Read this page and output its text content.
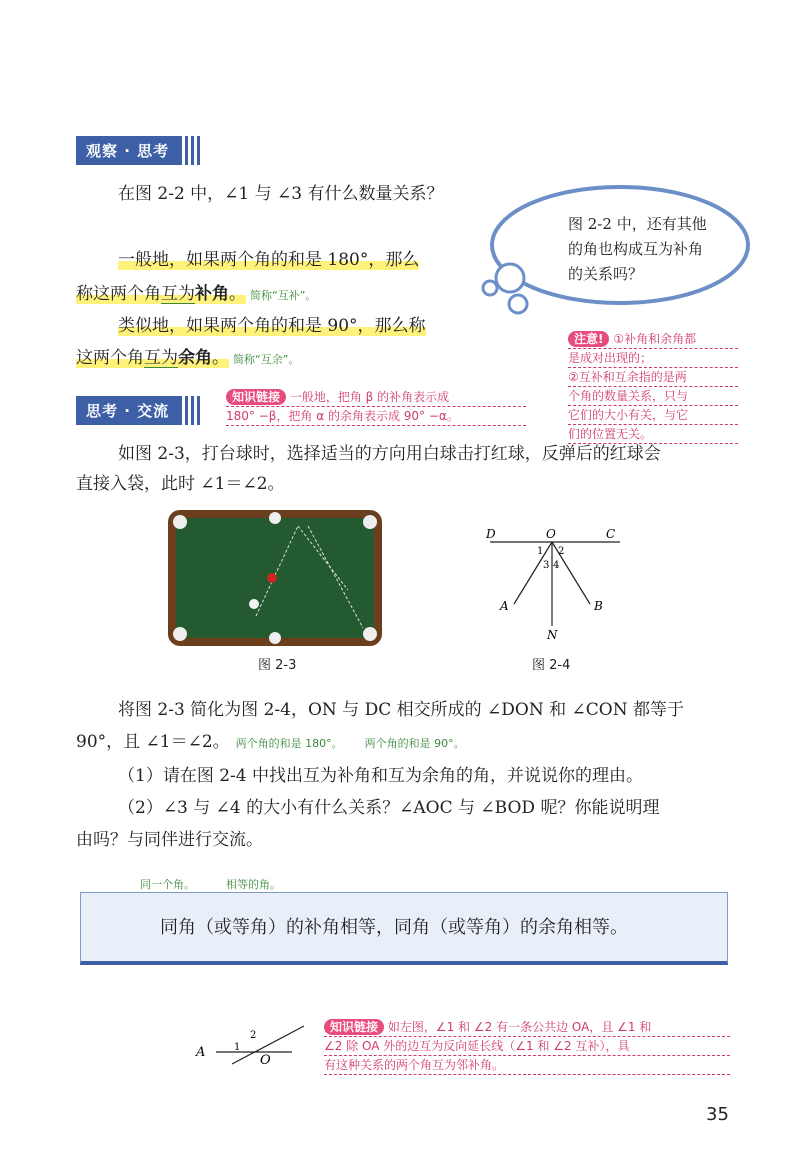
观察 · 思考
在图 2-2 中，∠1 与 ∠3 有什么数量关系？
图 2-2 中，还有其他
的角也构成互为补角
的关系吗？
一般地，如果两个角的和是 180°，那么
称这两个角互为补角。 简称“互补”。
类似地，如果两个角的和是 90°，那么称
这两个角互为余角。 简称“互余”。
注意! ①补角和余角都
是成对出现的；
②互补和互余指的是两
个角的数量关系，只与
它们的大小有关，与它
们的位置无关。
思考 · 交流
知识链接 一般地，把角 β 的补角表示成
180° −β，把角 α 的余角表示成 90° −α。
如图 2-3，打台球时，选择适当的方向用白球击打红球，反弹后的红球会
直接入袋，此时 ∠1＝∠2。
图 2-3
D	O	C
A	B
N
1 2
3 4
图 2-4
将图 2-3 简化为图 2-4，ON 与 DC 相交所成的 ∠DON 和 ∠CON 都等于
90°，且 ∠1＝∠2。 两个角的和是 180°。 两个角的和是 90°。
（1）请在图 2-4 中找出互为补角和互为余角的角，并说说你的理由。
（2）∠3 与 ∠4 的大小有什么关系？∠AOC 与 ∠BOD 呢？你能说明理
由吗？与同伴进行交流。
同一个角。	相等的角。
同角（或等角）的补角相等，同角（或等角）的余角相等。
A
O
1
2
知识链接 如左图，∠1 和 ∠2 有一条公共边 OA，且 ∠1 和
∠2 除 OA 外的边互为反向延长线（∠1 和 ∠2 互补），具
有这种关系的两个角互为邻补角。
35
